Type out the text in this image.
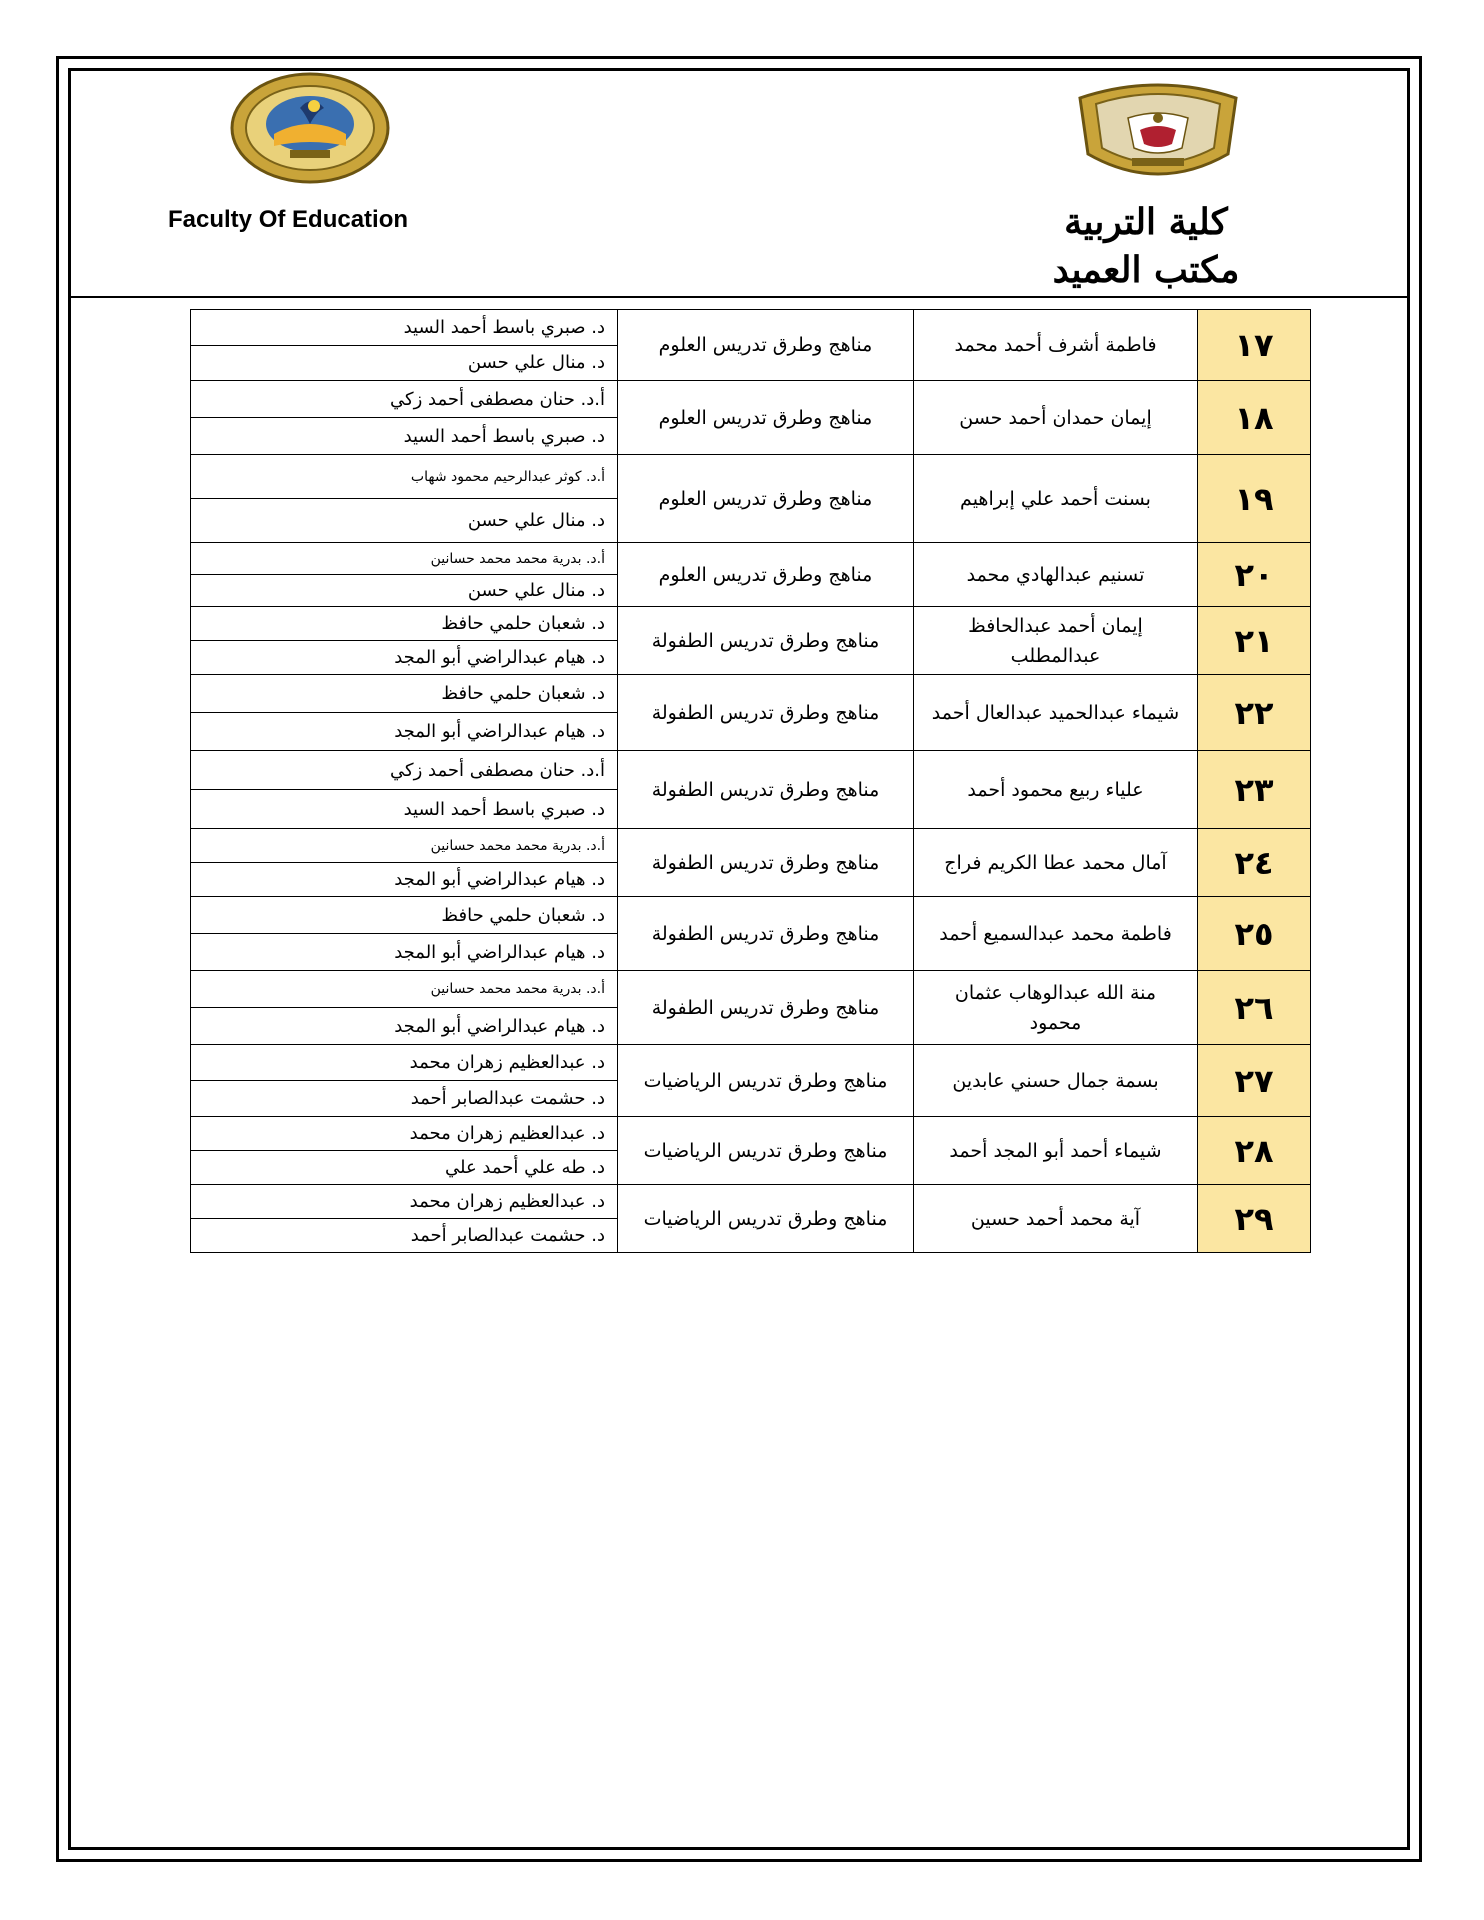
Faculty Of Education	كلية التربية
مكتب العميد
١٧
فاطمة أشرف أحمد محمد
مناهج وطرق تدريس العلوم
د. صبري باسط أحمد السيد
د. منال علي حسن
١٨
إيمان حمدان أحمد حسن
مناهج وطرق تدريس العلوم
أ.د. حنان مصطفى أحمد زكي
د. صبري باسط أحمد السيد
١٩
بسنت أحمد علي إبراهيم
مناهج وطرق تدريس العلوم
أ.د. كوثر عبدالرحيم محمود شهاب
د. منال علي حسن
٢٠
تسنيم عبدالهادي محمد
مناهج وطرق تدريس العلوم
أ.د. بدرية محمد محمد حسانين
د. منال علي حسن
٢١
إيمان أحمد عبدالحافظ عبدالمطلب
مناهج وطرق تدريس الطفولة
د. شعبان حلمي حافظ
د. هيام عبدالراضي أبو المجد
٢٢
شيماء عبدالحميد عبدالعال أحمد
مناهج وطرق تدريس الطفولة
د. شعبان حلمي حافظ
د. هيام عبدالراضي أبو المجد
٢٣
علياء ربيع محمود أحمد
مناهج وطرق تدريس الطفولة
أ.د. حنان مصطفى أحمد زكي
د. صبري باسط أحمد السيد
٢٤
آمال محمد عطا الكريم فراج
مناهج وطرق تدريس الطفولة
أ.د. بدرية محمد محمد حسانين
د. هيام عبدالراضي أبو المجد
٢٥
فاطمة محمد عبدالسميع أحمد
مناهج وطرق تدريس الطفولة
د. شعبان حلمي حافظ
د. هيام عبدالراضي أبو المجد
٢٦
منة الله عبدالوهاب عثمان محمود
مناهج وطرق تدريس الطفولة
أ.د. بدرية محمد محمد حسانين
د. هيام عبدالراضي أبو المجد
٢٧
بسمة جمال حسني عابدين
مناهج وطرق تدريس الرياضيات
د. عبدالعظيم زهران محمد
د. حشمت عبدالصابر أحمد
٢٨
شيماء أحمد أبو المجد أحمد
مناهج وطرق تدريس الرياضيات
د. عبدالعظيم زهران محمد
د. طه علي أحمد علي
٢٩
آية محمد أحمد حسين
مناهج وطرق تدريس الرياضيات
د. عبدالعظيم زهران محمد
د. حشمت عبدالصابر أحمد
